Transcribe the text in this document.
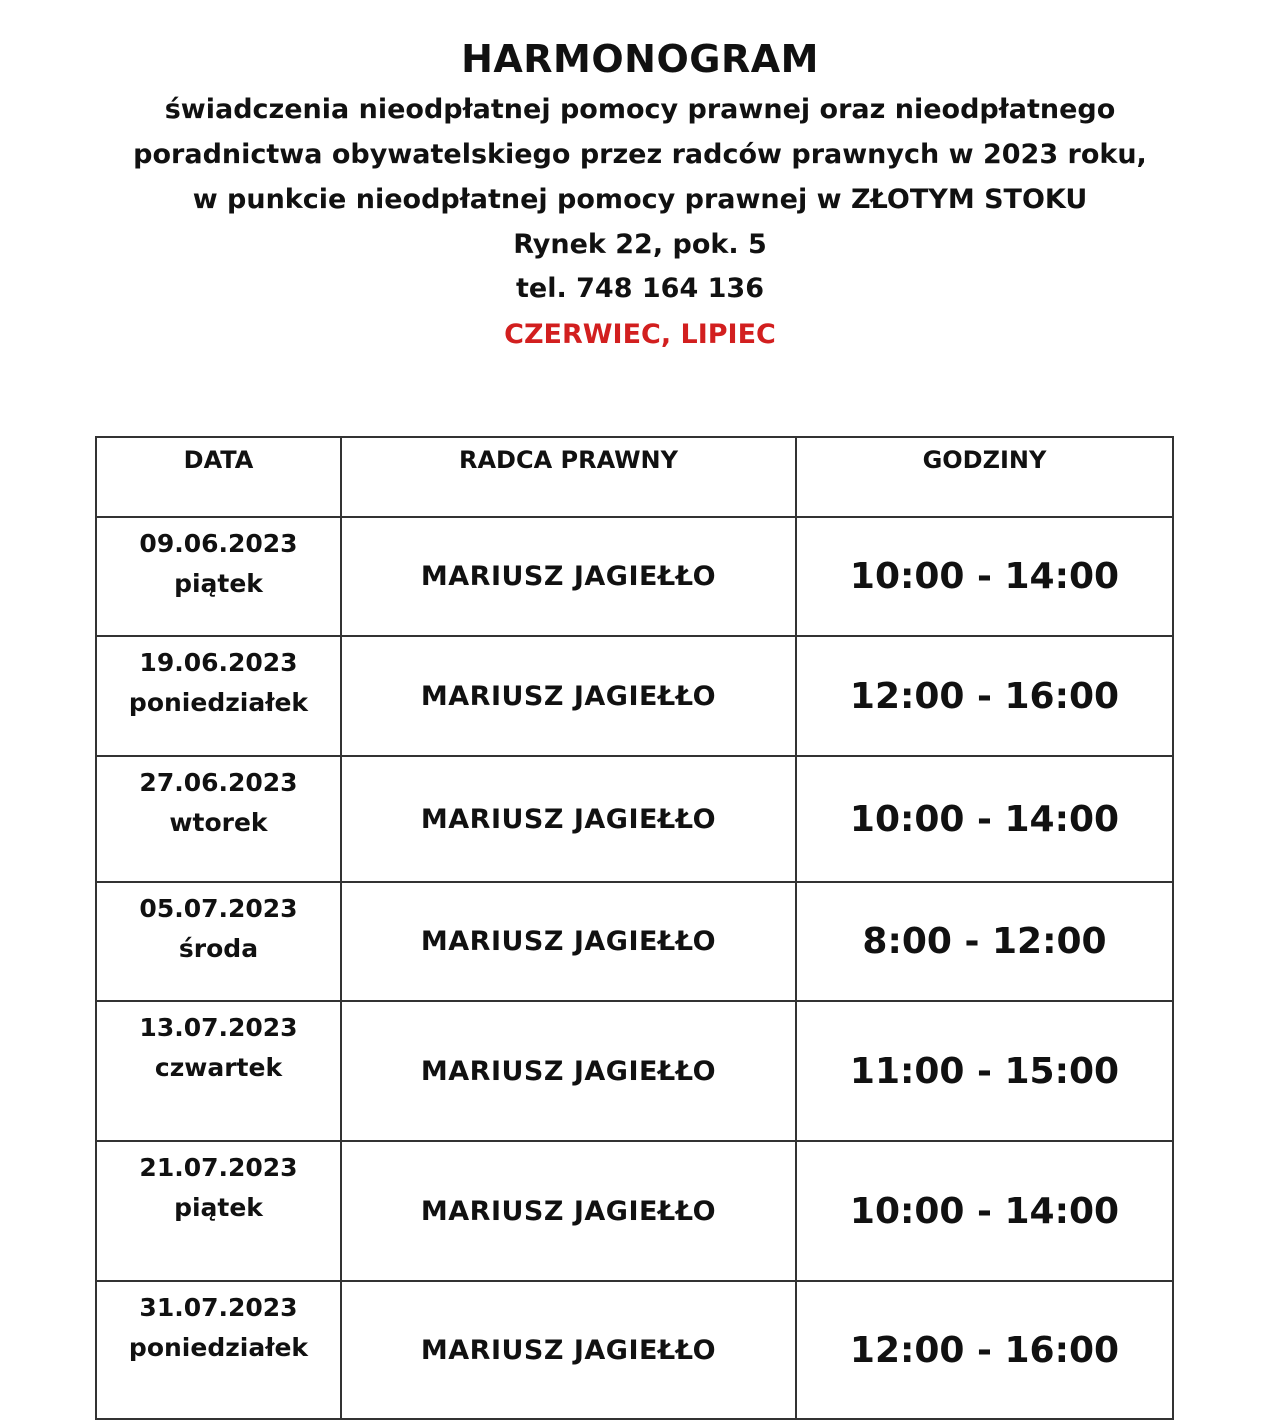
HARMONOGRAM
świadczenia nieodpłatnej pomocy prawnej oraz nieodpłatnego
poradnictwa obywatelskiego przez radców prawnych w 2023 roku,
w punkcie nieodpłatnej pomocy prawnej w ZŁOTYM STOKU
Rynek 22, pok. 5
tel. 748 164 136
CZERWIEC, LIPIEC
DATA	RADCA PRAWNY	GODZINY

09.06.2023
piątek	MARIUSZ JAGIEŁŁO	10:00 - 14:00

19.06.2023
poniedziałek	MARIUSZ JAGIEŁŁO	12:00 - 16:00

27.06.2023
wtorek	MARIUSZ JAGIEŁŁO	10:00 - 14:00

05.07.2023
środa	MARIUSZ JAGIEŁŁO	8:00 - 12:00

13.07.2023
czwartek	MARIUSZ JAGIEŁŁO	11:00 - 15:00

21.07.2023
piątek	MARIUSZ JAGIEŁŁO	10:00 - 14:00

31.07.2023
poniedziałek	MARIUSZ JAGIEŁŁO	12:00 - 16:00
